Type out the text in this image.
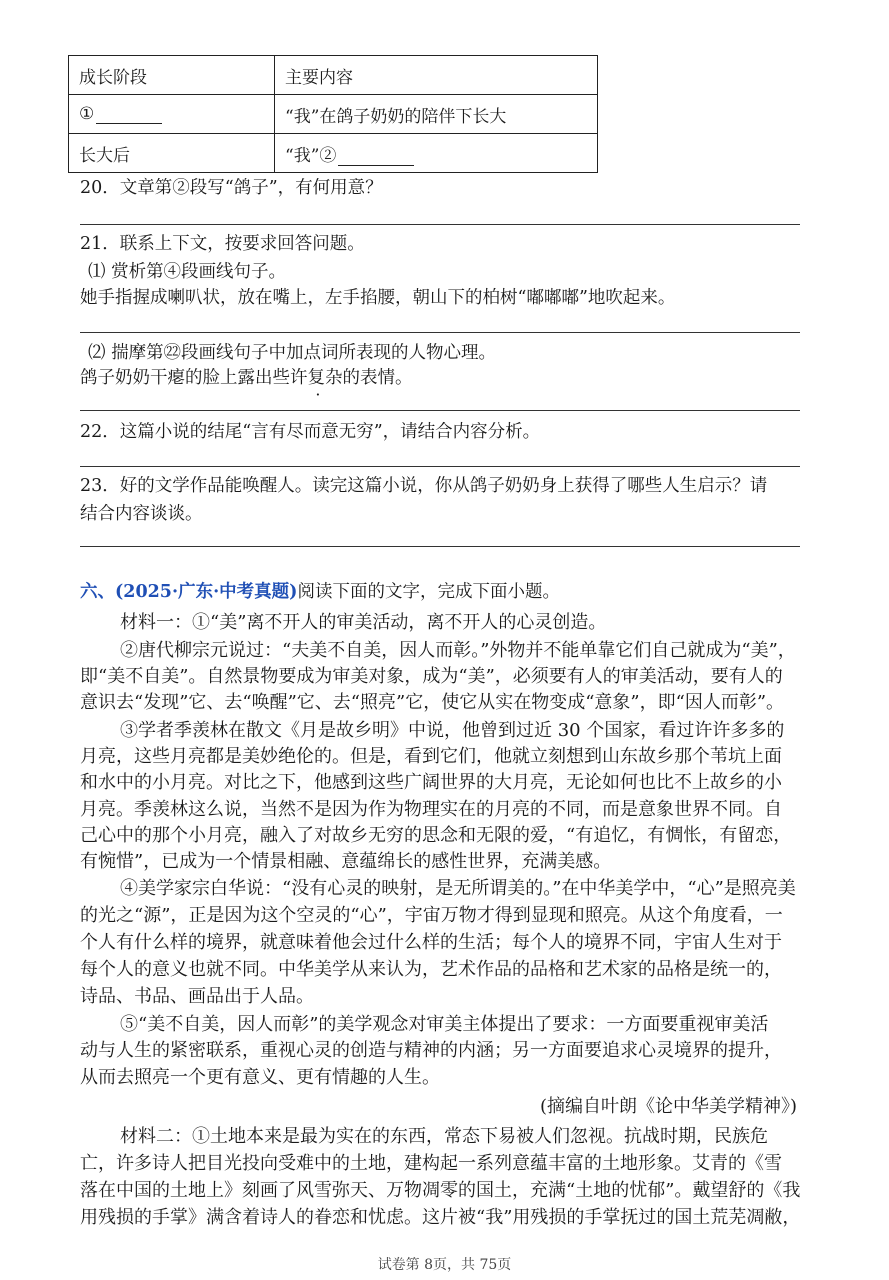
成长阶段	主要内容
①	“我”在鸽子奶奶的陪伴下长大
长大后	“我”②
20．文章第②段写“鸽子”，有何用意？
21．联系上下文，按要求回答问题。
⑴ 赏析第④段画线句子。
她手指握成喇叭状，放在嘴上，左手掐腰，朝山下的柏树“嘟嘟嘟”地吹起来。
⑵ 揣摩第㉒段画线句子中加点词所表现的人物心理。
鸽子奶奶干瘪的脸上露出些许复杂的表情。
22．这篇小说的结尾“言有尽而意无穷”，请结合内容分析。
23．好的文学作品能唤醒人。读完这篇小说，你从鸽子奶奶身上获得了哪些人生启示？请
结合内容谈谈。
六、(2025·广东·中考真题)阅读下面的文字，完成下面小题。
材料一：①“美”离不开人的审美活动，离不开人的心灵创造。
②唐代柳宗元说过：“夫美不自美，因人而彰。”外物并不能单靠它们自己就成为“美”，
即“美不自美”。自然景物要成为审美对象，成为“美”，必须要有人的审美活动，要有人的
意识去“发现”它、去“唤醒”它、去“照亮”它，使它从实在物变成“意象”，即“因人而彰”。
③学者季羡林在散文《月是故乡明》中说，他曾到过近 30 个国家，看过许许多多的
月亮，这些月亮都是美妙绝伦的。但是，看到它们，他就立刻想到山东故乡那个苇坑上面
和水中的小月亮。对比之下，他感到这些广阔世界的大月亮，无论如何也比不上故乡的小
月亮。季羡林这么说，当然不是因为作为物理实在的月亮的不同，而是意象世界不同。自
己心中的那个小月亮，融入了对故乡无穷的思念和无限的爱，“有追忆，有惆怅，有留恋，
有惋惜”，已成为一个情景相融、意蕴绵长的感性世界，充满美感。
④美学家宗白华说：“没有心灵的映射，是无所谓美的。”在中华美学中，“心”是照亮美
的光之“源”，正是因为这个空灵的“心”，宇宙万物才得到显现和照亮。从这个角度看，一
个人有什么样的境界，就意味着他会过什么样的生活；每个人的境界不同，宇宙人生对于
每个人的意义也就不同。中华美学从来认为，艺术作品的品格和艺术家的品格是统一的，
诗品、书品、画品出于人品。
⑤“美不自美，因人而彰”的美学观念对审美主体提出了要求：一方面要重视审美活
动与人生的紧密联系，重视心灵的创造与精神的内涵；另一方面要追求心灵境界的提升，
从而去照亮一个更有意义、更有情趣的人生。
(摘编自叶朗《论中华美学精神》)
材料二：①土地本来是最为实在的东西，常态下易被人们忽视。抗战时期，民族危
亡，许多诗人把目光投向受难中的土地，建构起一系列意蕴丰富的土地形象。艾青的《雪
落在中国的土地上》刻画了风雪弥天、万物凋零的国土，充满“土地的忧郁”。戴望舒的《我
用残损的手掌》满含着诗人的眷恋和忧虑。这片被“我”用残损的手掌抚过的国土荒芜凋敝，
试卷第 8页，共 75页
